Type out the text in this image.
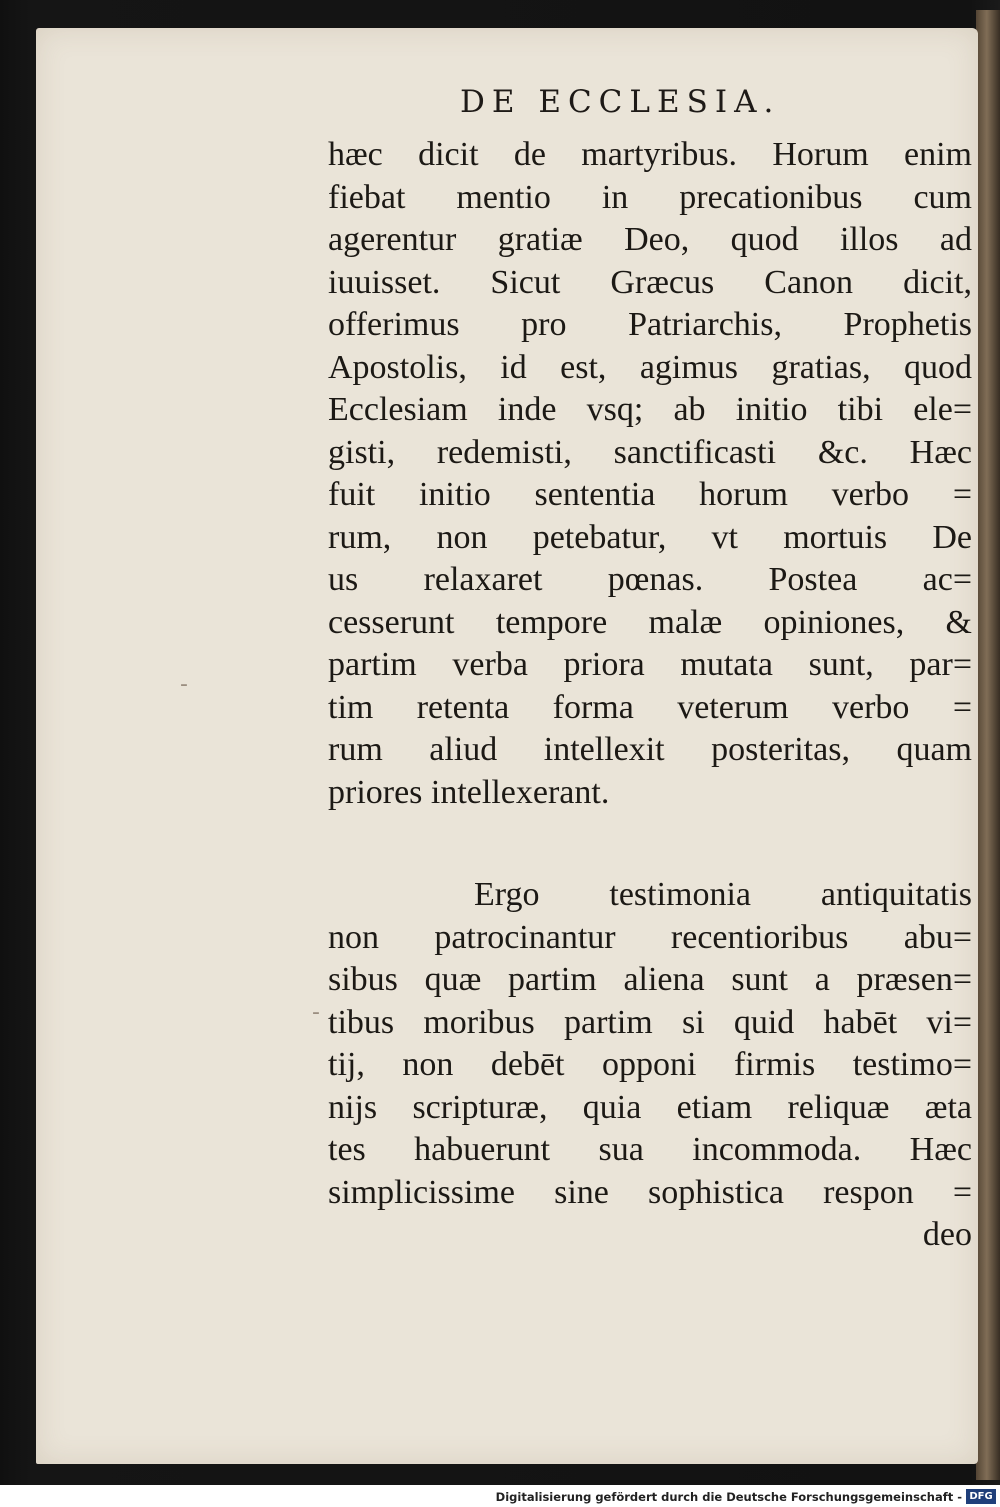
DE ECCLESIA.
hæc dicit de martyribus. Horum enim
fiebat mentio in precationibus cum
agerentur gratiæ Deo, quod illos ad
iuuisset. Sicut Græcus Canon dicit,
offerimus pro Patriarchis, Prophetis
Apostolis, id est, agimus gratias, quod
Ecclesiam inde vsq; ab initio tibi ele=
gisti, redemisti, sanctificasti &c. Hæc
fuit initio sententia horum verbo =
rum, non petebatur, vt mortuis De
us relaxaret pœnas. Postea ac=
cesserunt tempore malæ opiniones, &
partim verba priora mutata sunt, par=
tim retenta forma veterum verbo =
rum aliud intellexit posteritas, quam
priores intellexerant.
Ergo testimonia antiquitatis
non patrocinantur recentioribus abu=
sibus quæ partim aliena sunt a præsen=
tibus moribus partim si quid habēt vi=
tij, non debēt opponi firmis testimo=
nijs scripturæ, quia etiam reliquæ æta
tes habuerunt sua incommoda. Hæc
simplicissime sine sophistica respon =
deo
-
-
Digitalisierung gefördert durch die Deutsche Forschungsgemeinschaft - DFG
